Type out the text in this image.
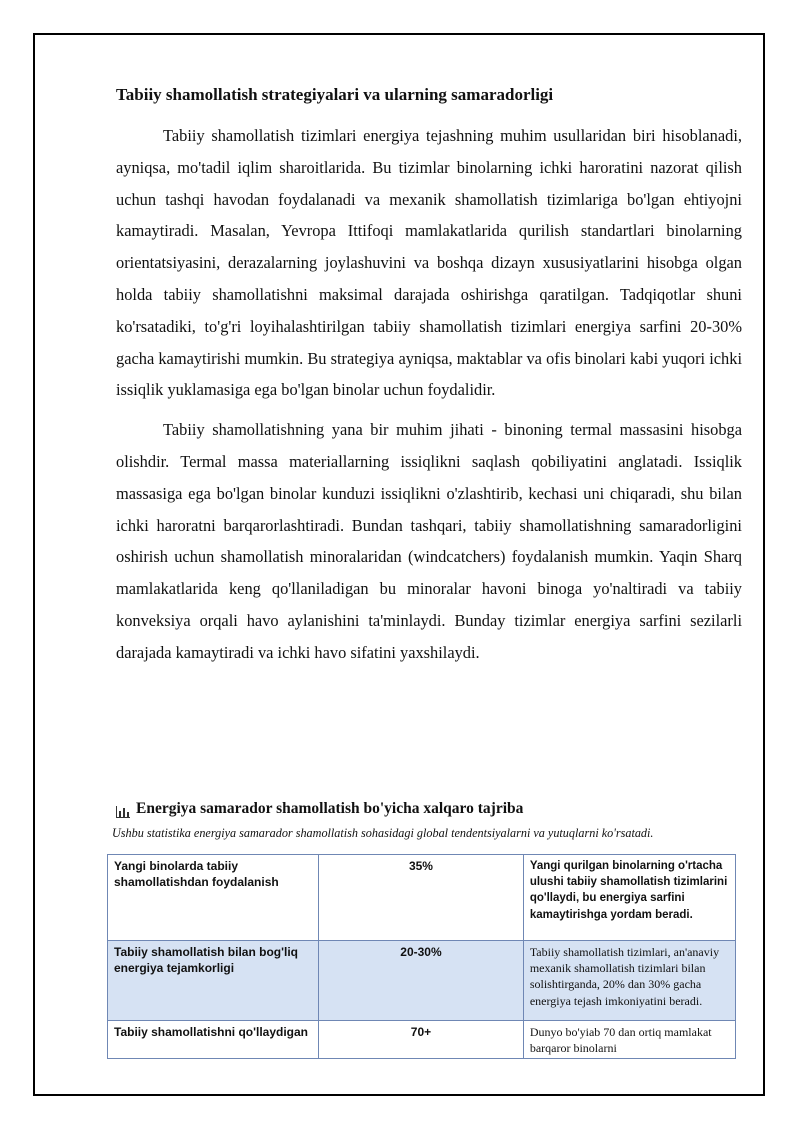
Tabiiy shamollatish strategiyalari va ularning samaradorligi

Tabiiy shamollatish tizimlari energiya tejashning muhim usullaridan biri hisoblanadi, ayniqsa, mo'tadil iqlim sharoitlarida. Bu tizimlar binolarning ichki haroratini nazorat qilish uchun tashqi havodan foydalanadi va mexanik shamollatish tizimlariga bo'lgan ehtiyojni kamaytiradi. Masalan, Yevropa Ittifoqi mamlakatlarida qurilish standartlari binolarning orientatsiyasini, derazalarning joylashuvini va boshqa dizayn xususiyatlarini hisobga olgan holda tabiiy shamollatishni maksimal darajada oshirishga qaratilgan. Tadqiqotlar shuni ko'rsatadiki, to'g'ri loyihalashtirilgan tabiiy shamollatish tizimlari energiya sarfini 20-30% gacha kamaytirishi mumkin. Bu strategiya ayniqsa, maktablar va ofis binolari kabi yuqori ichki issiqlik yuklamasiga ega bo'lgan binolar uchun foydalidir.

Tabiiy shamollatishning yana bir muhim jihati - binoning termal massasini hisobga olishdir. Termal massa materiallarning issiqlikni saqlash qobiliyatini anglatadi. Issiqlik massasiga ega bo'lgan binolar kunduzi issiqlikni o'zlashtirib, kechasi uni chiqaradi, shu bilan ichki haroratni barqarorlashtiradi. Bundan tashqari, tabiiy shamollatishning samaradorligini oshirish uchun shamollatish minoralaridan (windcatchers) foydalanish mumkin. Yaqin Sharq mamlakatlarida keng qo'llaniladigan bu minoralar havoni binoga yo'naltiradi va tabiiy konveksiya orqali havo aylanishini ta'minlaydi. Bunday tizimlar energiya sarfini sezilarli darajada kamaytiradi va ichki havo sifatini yaxshilaydi.

Energiya samarador shamollatish bo'yicha xalqaro tajriba

Ushbu statistika energiya samarador shamollatish sohasidagi global tendentsiyalarni va yutuqlarni ko'rsatadi.

Yangi binolarda tabiiy shamollatishdan foydalanish	35%	Yangi qurilgan binolarning o'rtacha ulushi tabiiy shamollatish tizimlarini qo'llaydi, bu energiya sarfini kamaytirishga yordam beradi.
Tabiiy shamollatish bilan bog'liq energiya tejamkorligi	20-30%	Tabiiy shamollatish tizimlari, an'anaviy mexanik shamollatish tizimlari bilan solishtirganda, 20% dan 30% gacha energiya tejash imkoniyatini beradi.
Tabiiy shamollatishni qo'llaydigan	70+	Dunyo bo'yiab 70 dan ortiq mamlakat barqaror binolarni
